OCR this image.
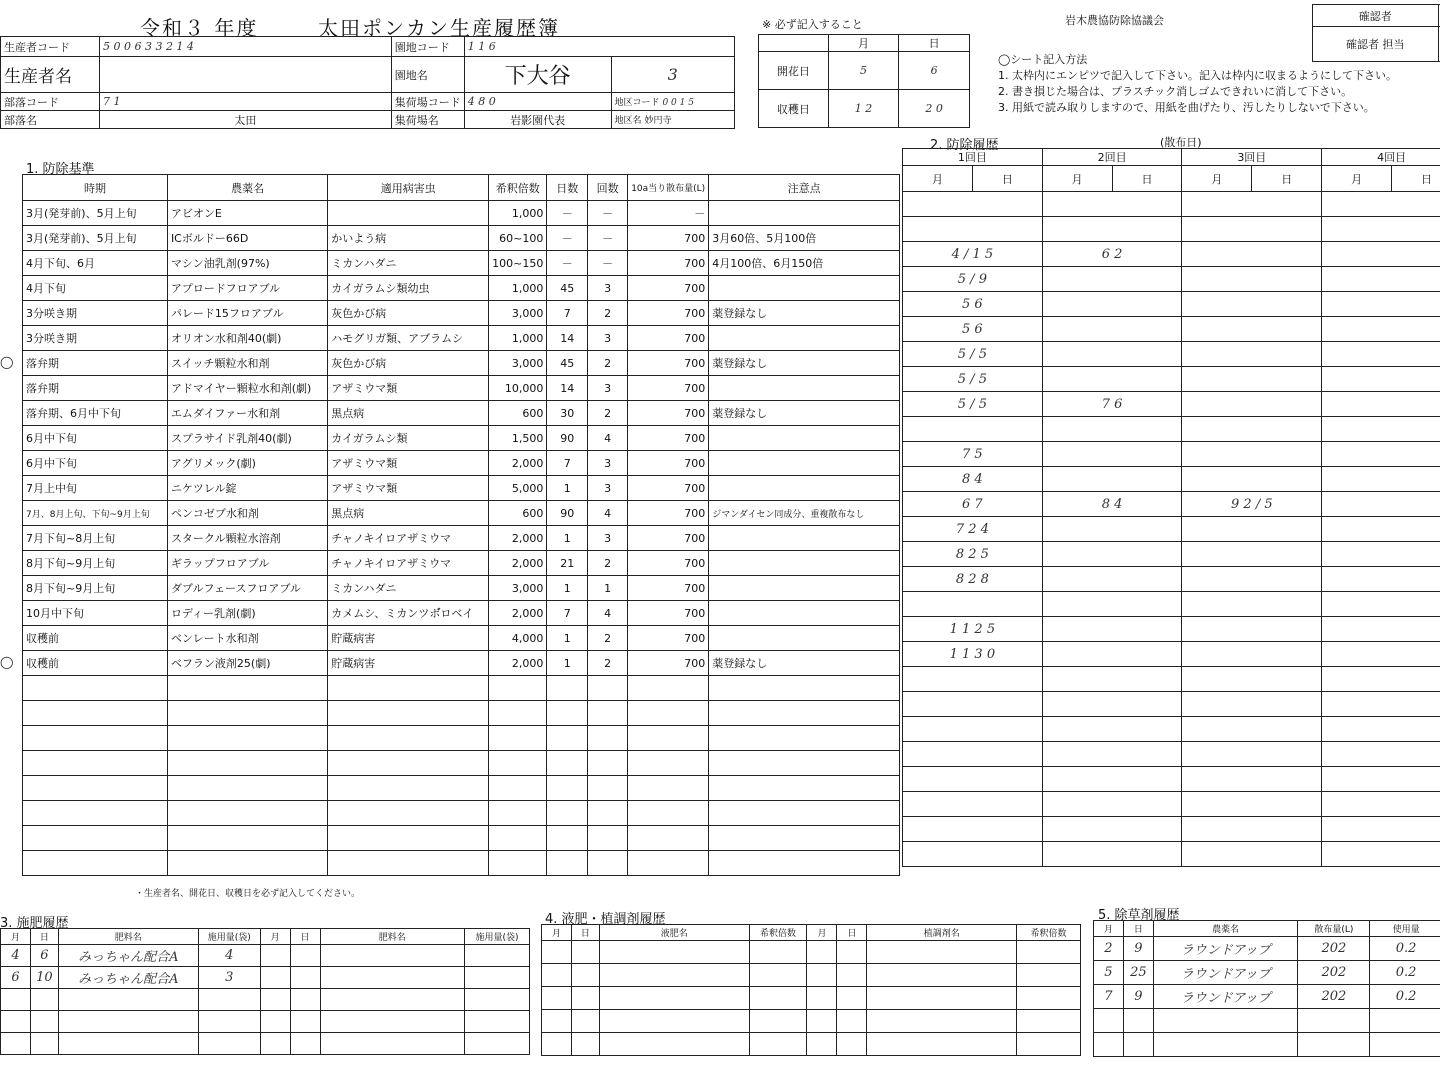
令和３ 年度	太田ポンカン生産履歴簿	※ 必ず記入すること	岩木農協防除協議会	確認者	
確認者 担当	
生産者コード	5 0 0 6 3 3 2 1 4	園地コード	1 1 6	
生産者名		園地名	下大谷	3
部落コード	7 1	集荷場コード	4 8 0	地区コード 0 0 1 5
部落名	太田	集荷場名	岩影園代表	地区名 妙円寺
	月	日
開花日	5	6
収穫日	1 2	2 0
◯シート記入方法
1. 太枠内にエンピツで記入して下さい。記入は枠内に収まるようにして下さい。
2. 書き損じた場合は、プラスチック消しゴムできれいに消して下さい。
3. 用紙で読み取りしますので、用紙を曲げたり、汚したりしないで下さい。
1. 防除基準
時期	農薬名	適用病害虫	希釈倍数	日数	回数	10a当り散布量(L)	注意点
3月(発芽前)、5月上旬	アビオンE		1,000	－	－	－	
3月(発芽前)、5月上旬	ICボルドー66D	かいよう病	60~100	－	－	700	3月60倍、5月100倍
4月下旬、6月	マシン油乳剤(97%)	ミカンハダニ	100~150	－	－	700	4月100倍、6月150倍
4月下旬	アプロードフロアブル	カイガラムシ類幼虫	1,000	45	3	700	
3分咲き期	パレード15フロアブル	灰色かび病	3,000	7	2	700	薬登録なし
3分咲き期	オリオン水和剤40(劇)	ハモグリガ類、アブラムシ	1,000	14	3	700	
落弁期	スイッチ顆粒水和剤	灰色かび病	3,000	45	2	700	薬登録なし
落弁期	アドマイヤー顆粒水和剤(劇)	アザミウマ類	10,000	14	3	700	
落弁期、6月中下旬	エムダイファー水和剤	黒点病	600	30	2	700	薬登録なし
6月中下旬	スプラサイド乳剤40(劇)	カイガラムシ類	1,500	90	4	700	
6月中下旬	アグリメック(劇)	アザミウマ類	2,000	7	3	700	
7月上中旬	ニケツレル錠	アザミウマ類	5,000	1	3	700	
7月、8月上旬、下旬~9月上旬	ペンコゼブ水和剤	黒点病	600	90	4	700	ジマンダイセン同成分、重複散布なし
7月下旬~8月上旬	スタークル顆粒水溶剤	チャノキイロアザミウマ	2,000	1	3	700	
8月下旬~9月上旬	ギラップフロアブル	チャノキイロアザミウマ	2,000	21	2	700	
8月下旬~9月上旬	ダブルフェースフロアブル	ミカンハダニ	3,000	1	1	700	
10月中下旬	ロディー乳剤(劇)	カメムシ、ミカンツボ゙ロベイ	2,000	7	4	700	
収穫前	ベンレート水和剤	貯蔵病害	4,000	1	2	700	
収穫前	ベフラン液剤25(劇)	貯蔵病害	2,000	1	2	700	薬登録なし

・生産者名、開花日、収穫日を必ず記入してください。
◯
◯
2. 防除履歴	(散布日)
1回目		2回目		3回目		4回目	
月	日	月	日	月	日	月	日

4 / 1 5		6 2					
5 / 9							
5 6							
5 6							
5 / 5							
5 / 5							
5 / 5		7 6					

7 5							
8 4							
6 7		8 4		9 2 / 5			
7 2 4							
8 2 5							
8 2 8							

1 1 2 5							
1 1 3 0							

3. 施肥履歴
月	日	肥料名	施用量(袋)	月	日	肥料名	施用量(袋)
4	6	みっちゃん配合A	4				
6	10	みっちゃん配合A	3				

4. 液肥・植調剤履歴
月	日	液肥名	希釈倍数	月	日	植調剤名	希釈倍数

5. 除草剤履歴
月	日	農薬名	散布量(L)	使用量
2	9	ラウンドアップ	202	0.2
5	25	ラウンドアップ	202	0.2
7	9	ラウンドアップ	202	0.2
